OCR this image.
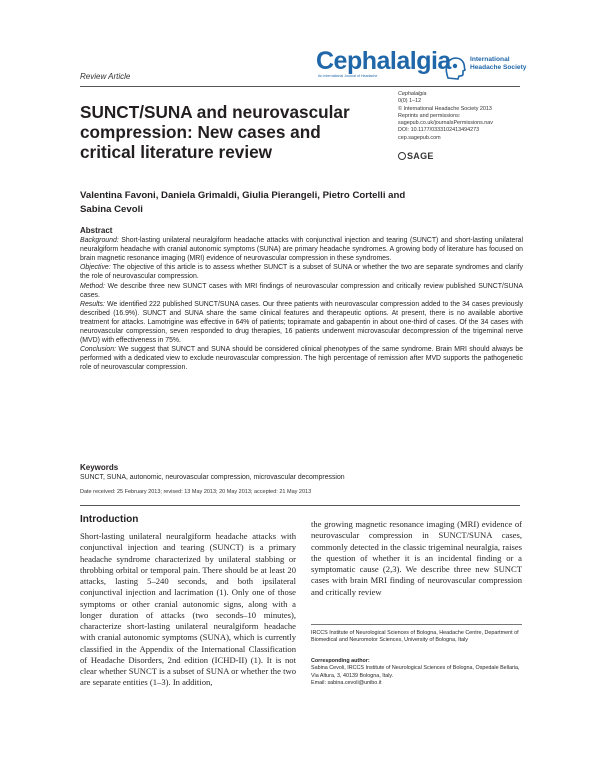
Review Article
Cephalalgia
An International Journal of Headache
International
Headache Society
Cephalalgia
0(0) 1–12
© International Headache Society 2013
Reprints and permissions:
sagepub.co.uk/journalsPermissions.nav
DOI: 10.1177/0333102413494273
cep.sagepub.com
SAGE
SUNCT/SUNA and neurovascular compression: New cases and critical literature review
Valentina Favoni, Daniela Grimaldi, Giulia Pierangeli, Pietro Cortelli and Sabina Cevoli
Abstract

Background: Short-lasting unilateral neuralgiform headache attacks with conjunctival injection and tearing (SUNCT) and short-lasting unilateral neuralgiform headache with cranial autonomic symptoms (SUNA) are primary headache syndromes. A growing body of literature has focused on brain magnetic resonance imaging (MRI) evidence of neurovascular compression in these syndromes.

Objective: The objective of this article is to assess whether SUNCT is a subset of SUNA or whether the two are separate syndromes and clarify the role of neurovascular compression.

Method: We describe three new SUNCT cases with MRI findings of neurovascular compression and critically review published SUNCT/SUNA cases.

Results: We identified 222 published SUNCT/SUNA cases. Our three patients with neurovascular compression added to the 34 cases previously described (16.9%). SUNCT and SUNA share the same clinical features and therapeutic options. At present, there is no available abortive treatment for attacks. Lamotrigine was effective in 64% of patients; topiramate and gabapentin in about one-third of cases. Of the 34 cases with neurovascular compression, seven responded to drug therapies, 16 patients underwent microvascular decompression of the trigeminal nerve (MVD) with effectiveness in 75%.

Conclusion: We suggest that SUNCT and SUNA should be considered clinical phenotypes of the same syndrome. Brain MRI should always be performed with a dedicated view to exclude neurovascular compression. The high percentage of remission after MVD supports the pathogenetic role of neurovascular compression.

Keywords

SUNCT, SUNA, autonomic, neurovascular compression, microvascular decompression

Date received: 25 February 2013; revised: 13 May 2013; 20 May 2013; accepted: 21 May 2013
Introduction
Short-lasting unilateral neuralgiform headache attacks with conjunctival injection and tearing (SUNCT) is a primary headache syndrome characterized by unilateral stabbing or throbbing orbital or temporal pain. There should be at least 20 attacks, lasting 5–240 seconds, and both ipsilateral conjunctival injection and lacrimation (1). Only one of those symptoms or other cranial autonomic signs, along with a longer duration of attacks (two seconds–10 minutes), characterize short-lasting unilateral neuralgiform headache with cranial autonomic symptoms (SUNA), which is currently classified in the Appendix of the International Classification of Headache Disorders, 2nd edition (ICHD-II) (1). It is not clear whether SUNCT is a subset of SUNA or whether the two are separate entities (1–3). In addition,
the growing magnetic resonance imaging (MRI) evidence of neurovascular compression in SUNCT/SUNA cases, commonly detected in the classic trigeminal neuralgia, raises the question of whether it is an incidental finding or a symptomatic cause (2,3). We describe three new SUNCT cases with brain MRI finding of neurovascular compression and critically review
IRCCS Institute of Neurological Sciences of Bologna, Headache Centre, Department of Biomedical and Neuromotor Sciences, University of Bologna, Italy
Corresponding author:
Sabina Cevoli, IRCCS Institute of Neurological Sciences of Bologna, Ospedale Bellaria, Via Altura, 3, 40139 Bologna, Italy.
Email: sabina.cevoli@unibo.it
